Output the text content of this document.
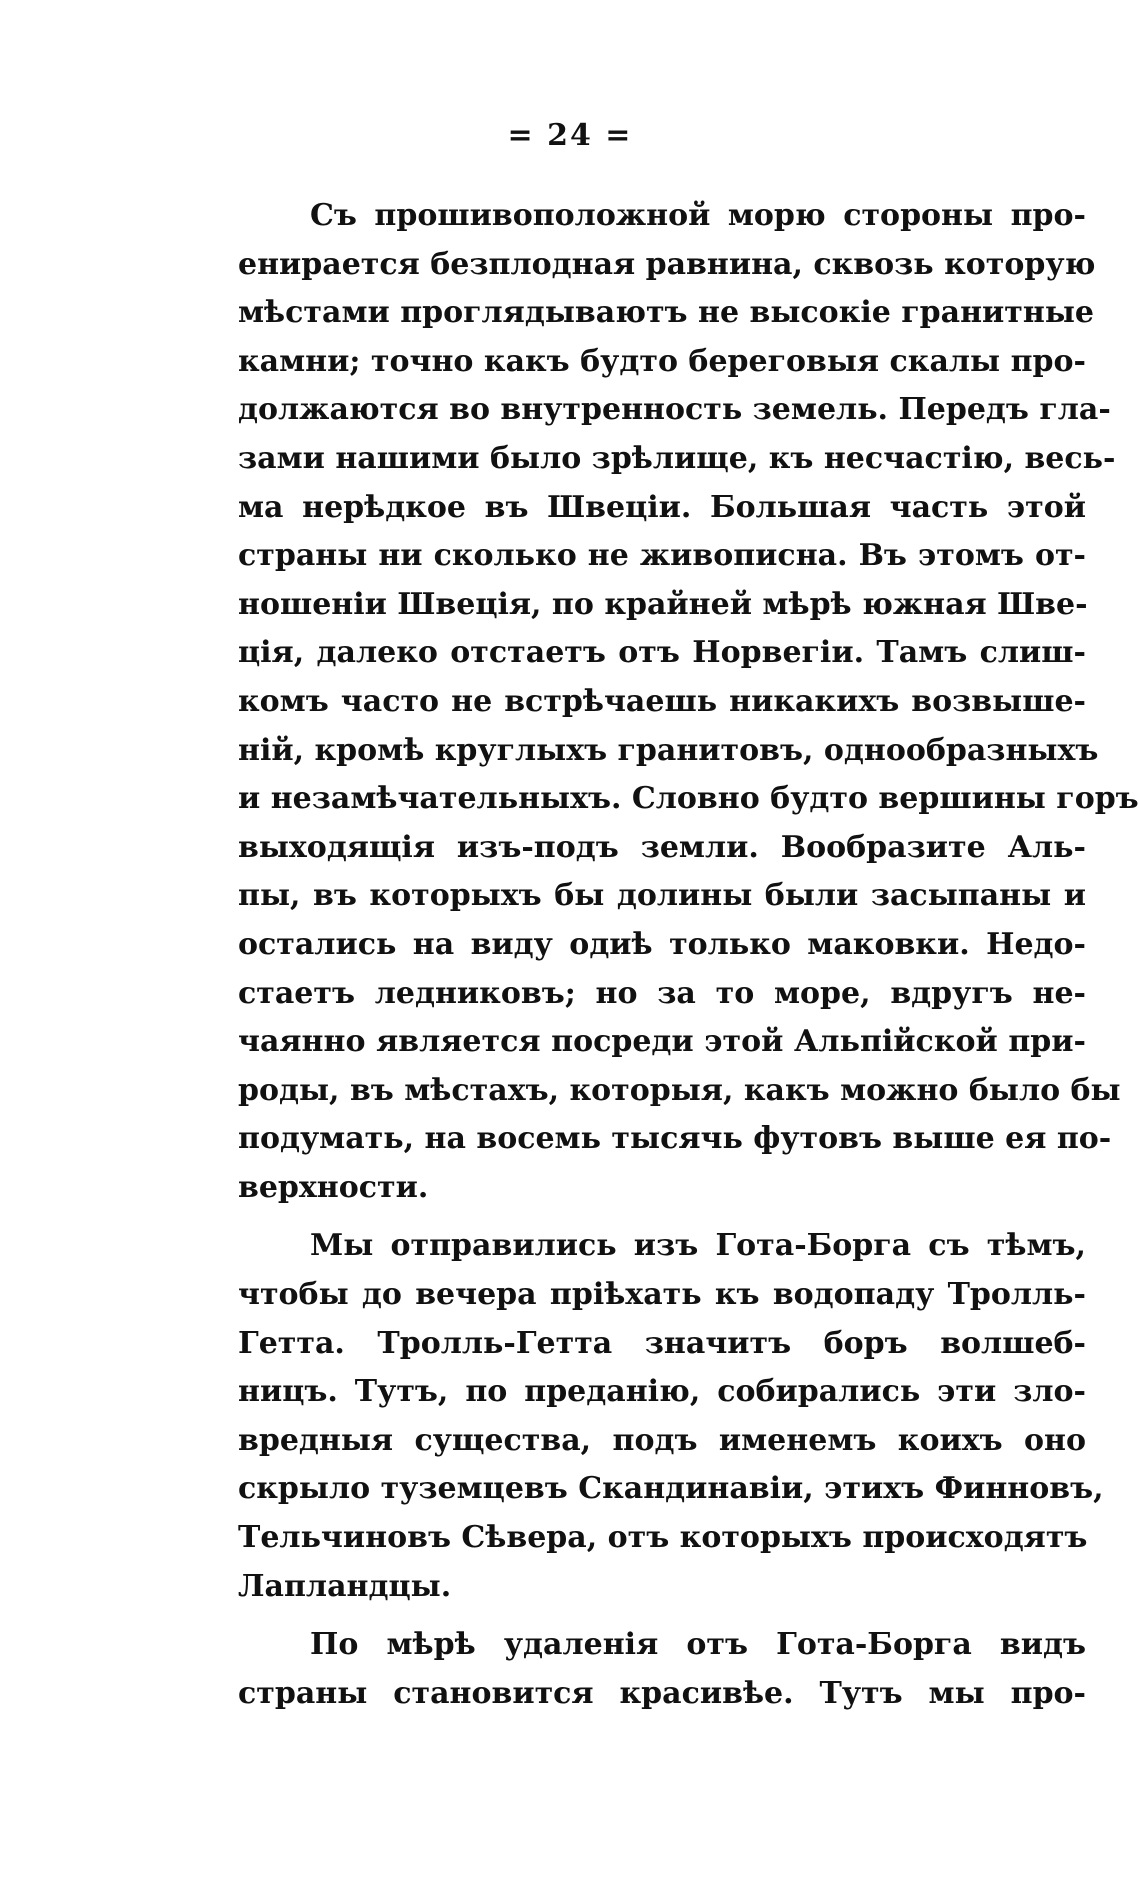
= 24 =
Съ прошивоположной морю стороны про-
енирается безплодная равнина, сквозь которую
мѣстами проглядываютъ не высокіе гранитные
камни; точно какъ будто береговыя скалы про-
должаются во внутренность земель. Передъ гла-
зами нашими было зрѣлище, къ несчастію, весь-
ма нерѣдкое въ Швеціи. Большая часть этой
страны ни сколько не живописна. Въ этомъ от-
ношеніи Швеція, по крайней мѣрѣ южная Шве-
ція, далеко отстаетъ отъ Норвегіи. Тамъ слиш-
комъ часто не встрѣчаешь никакихъ возвыше-
ній, кромѣ круглыхъ гранитовъ, однообразныхъ
и незамѣчательныхъ. Словно будто вершины горъ
выходящія изъ-подъ земли. Вообразите Аль-
пы, въ которыхъ бы долины были засыпаны и
остались на виду одиѣ только маковки. Недо-
стаетъ ледниковъ; но за то море, вдругъ не-
чаянно является посреди этой Альпійской при-
роды, въ мѣстахъ, которыя, какъ можно было бы
подумать, на восемь тысячь футовъ выше ея по-
верхности.
Мы отправились изъ Гота-Борга съ тѣмъ,
чтобы до вечера пріѣхать къ водопаду Тролль-
Гетта. Тролль-Гетта значитъ боръ волшеб-
ницъ. Тутъ, по преданію, собирались эти зло-
вредныя существа, подъ именемъ коихъ оно
скрыло туземцевъ Скандинавіи, этихъ Финновъ,
Тельчиновъ Сѣвера, отъ которыхъ происходятъ
Лапландцы.
По мѣрѣ удаленія отъ Гота-Борга видъ
страны становится красивѣе. Тутъ мы про-
